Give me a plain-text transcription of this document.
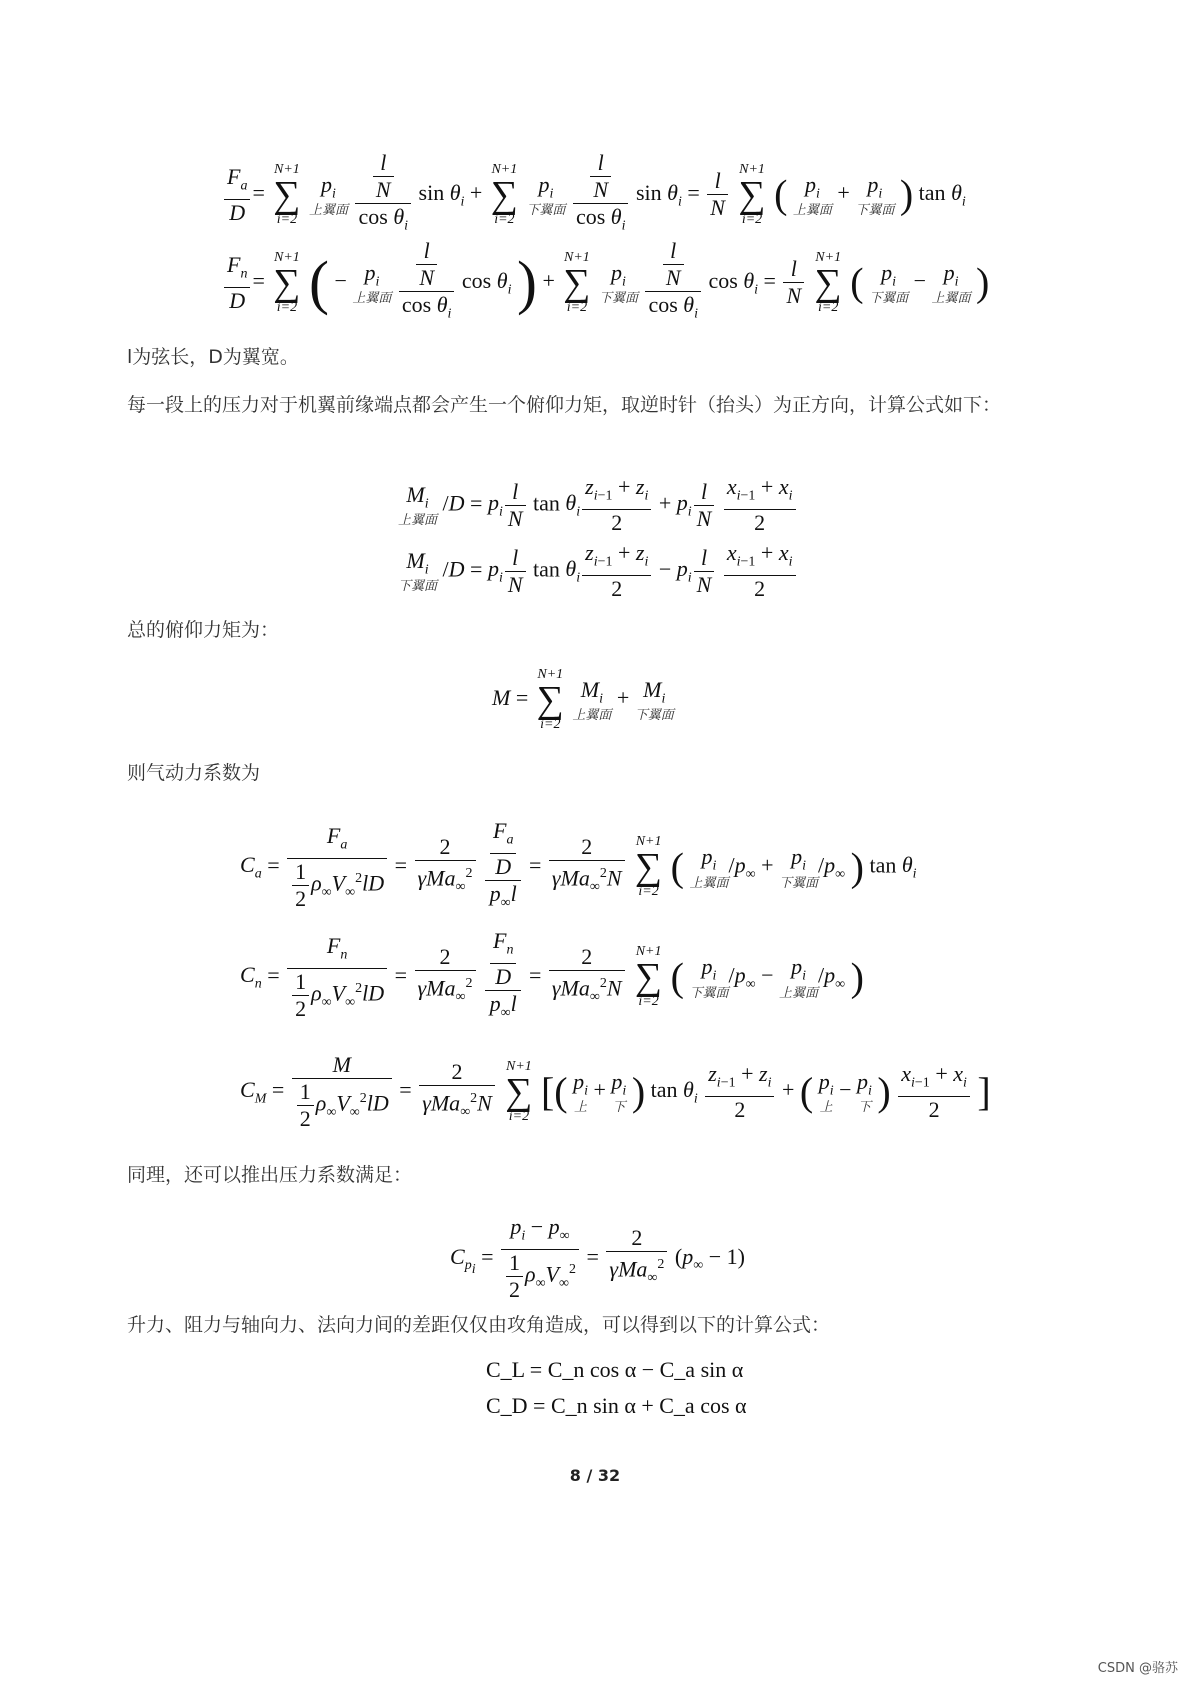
$\frac{F_a}{D}$ =
N+1
∑
i=2

$p_i$
上翼面
$\frac{\frac{l}{N}}{\cos \theta_i}$ $\sin \theta_i$ +
N+1
∑
i=2

$p_i$
下翼面
$\frac{\frac{l}{N}}{\cos \theta_i}$ $\sin \theta_i = \frac{l}{N}$
N+1
∑
i=2
( $p_i$
上翼面
+ $p_i$
下翼面 ) $\tan \theta_i$
$\frac{F_n}{D}$ =
N+1
∑
i=2 ( − $p_i$
上翼面
$\frac{\frac{l}{N}}{\cos \theta_i}$ $\cos \theta_i$ ) +
N+1
∑
i=2

$p_i$
下翼面
$\frac{\frac{l}{N}}{\cos \theta_i}$ $\cos \theta_i = \frac{l}{N}$
N+1
∑
i=2
( $p_i$
下翼面
− $p_i$
上翼面 )
l为弦长，D为翼宽。
每一段上的压力对于机翼前缘端点都会产生一个俯仰力矩，取逆时针（抬头）为正方向，计算公式如下：
$M_i$
上翼面
$/D = p_i \frac{l}{N}$ $\tan \theta_i \frac{z_{i-1} + z_i}{2} + p_i \frac{l}{N}$
$\frac{x_{i-1} + x_i}{2}$
$M_i$
下翼面
$/D = p_i \frac{l}{N}$ $\tan \theta_i \frac{z_{i-1} + z_i}{2} - p_i \frac{l}{N}$
$\frac{x_{i-1} + x_i}{2}$
总的俯仰力矩为：
M =
N+1
∑
i=2

$M_i$
上翼面
+ $M_i$
下翼面
则气动力系数为
$C_a = \frac{F_a}{\frac{1}{2} \rho_\infty V_\infty^2lD} = \frac{2}{\gamma Ma_\infty^2}$
$\frac{\frac{F_a}{D}}{p_\infty l} = \frac{2}{\gamma Ma_\infty^2N}$
N+1
∑
i=2
( $p_i$
上翼面
$/p_\infty + p_i$
下翼面
$/p_\infty$ ) $\tan \theta_i$
$C_n = \frac{F_n}{\frac{1}{2} \rho_\infty V_\infty^2lD} = \frac{2}{\gamma Ma_\infty^2}$
$\frac{\frac{F_n}{D}}{p_\infty l} = \frac{2}{\gamma Ma_\infty^2N}$
N+1
∑
i=2
( $p_i$
下翼面
$/p_\infty - p_i$
上翼面
$/p_\infty$ )
$C_M = \frac{M}{\frac{1}{2} \rho_\infty V_\infty^2lD} = \frac{2}{\gamma Ma_\infty^2N}$
N+1
∑
i=2
[( $p_i$
上
+ $p_i$
下 ) $\tan \theta_i \frac{z_{i-1} + z_i}{2}$ + ( $p_i$
上
− $p_i$
下 ) $\frac{x_{i-1} + x_i}{2}$ ]
同理，还可以推出压力系数满足：
$C_{p_i} = \frac{p_i - p_\infty}{\frac{1}{2} \rho_\infty V_\infty^2} = \frac{2}{\gamma Ma_\infty^2} (p_\infty - 1)$
升力、阻力与轴向力、法向力间的差距仅仅由攻角造成，可以得到以下的计算公式：
C_L = C_n cos α − C_a sin α
C_D = C_n sin α + C_a cos α
8 / 32
CSDN @骆苏
